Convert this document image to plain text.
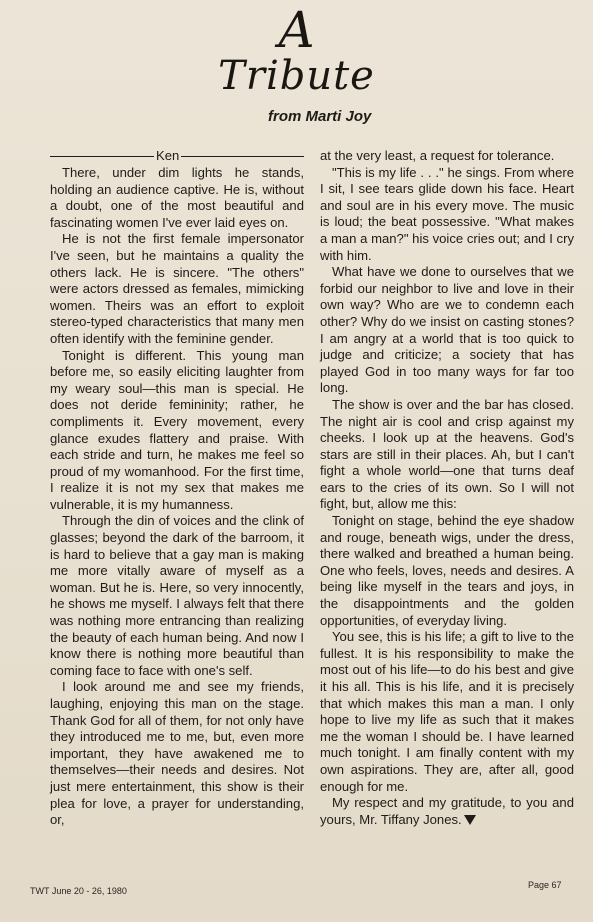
A
Tribute
from Marti Joy
Ken

There, under dim lights he stands, holding an audience captive. He is, without a doubt, one of the most beautiful and fascinating women I've ever laid eyes on.

He is not the first female impersonator I've seen, but he maintains a quality the others lack. He is sincere. "The others" were actors dressed as females, mimicking women. Theirs was an effort to exploit stereo-typed characteristics that many men often identify with the feminine gender.

Tonight is different. This young man before me, so easily eliciting laughter from my weary soul—this man is special. He does not deride femininity; rather, he compliments it. Every movement, every glance exudes flattery and praise. With each stride and turn, he makes me feel so proud of my womanhood. For the first time, I realize it is not my sex that makes me vulnerable, it is my humanness.

Through the din of voices and the clink of glasses; beyond the dark of the barroom, it is hard to believe that a gay man is making me more vitally aware of myself as a woman. But he is. Here, so very innocently, he shows me myself. I always felt that there was nothing more entrancing than realizing the beauty of each human being. And now I know there is nothing more beautiful than coming face to face with one's self.

I look around me and see my friends, laughing, enjoying this man on the stage. Thank God for all of them, for not only have they introduced me to me, but, even more important, they have awakened me to themselves—their needs and desires. Not just mere entertainment, this show is their plea for love, a prayer for understanding, or,

at the very least, a request for tolerance.

"This is my life . . ." he sings. From where I sit, I see tears glide down his face. Heart and soul are in his every move. The music is loud; the beat possessive. "What makes a man a man?" his voice cries out; and I cry with him.

What have we done to ourselves that we forbid our neighbor to live and love in their own way? Who are we to condemn each other? Why do we insist on casting stones? I am angry at a world that is too quick to judge and criticize; a society that has played God in too many ways for far too long.

The show is over and the bar has closed. The night air is cool and crisp against my cheeks. I look up at the heavens. God's stars are still in their places. Ah, but I can't fight a whole world—one that turns deaf ears to the cries of its own. So I will not fight, but, allow me this:

Tonight on stage, behind the eye shadow and rouge, beneath wigs, under the dress, there walked and breathed a human being. One who feels, loves, needs and desires. A being like myself in the tears and joys, in the disappointments and the golden opportunities, of everyday living.

You see, this is his life; a gift to live to the fullest. It is his responsibility to make the most out of his life—to do his best and give it his all. This is his life, and it is precisely that which makes this man a man. I only hope to live my life as such that it makes me the woman I should be. I have learned much tonight. I am finally content with my own aspirations. They are, after all, good enough for me.

My respect and my gratitude, to you and yours, Mr. Tiffany Jones.

TWT June 20 - 26, 1980
Page 67
